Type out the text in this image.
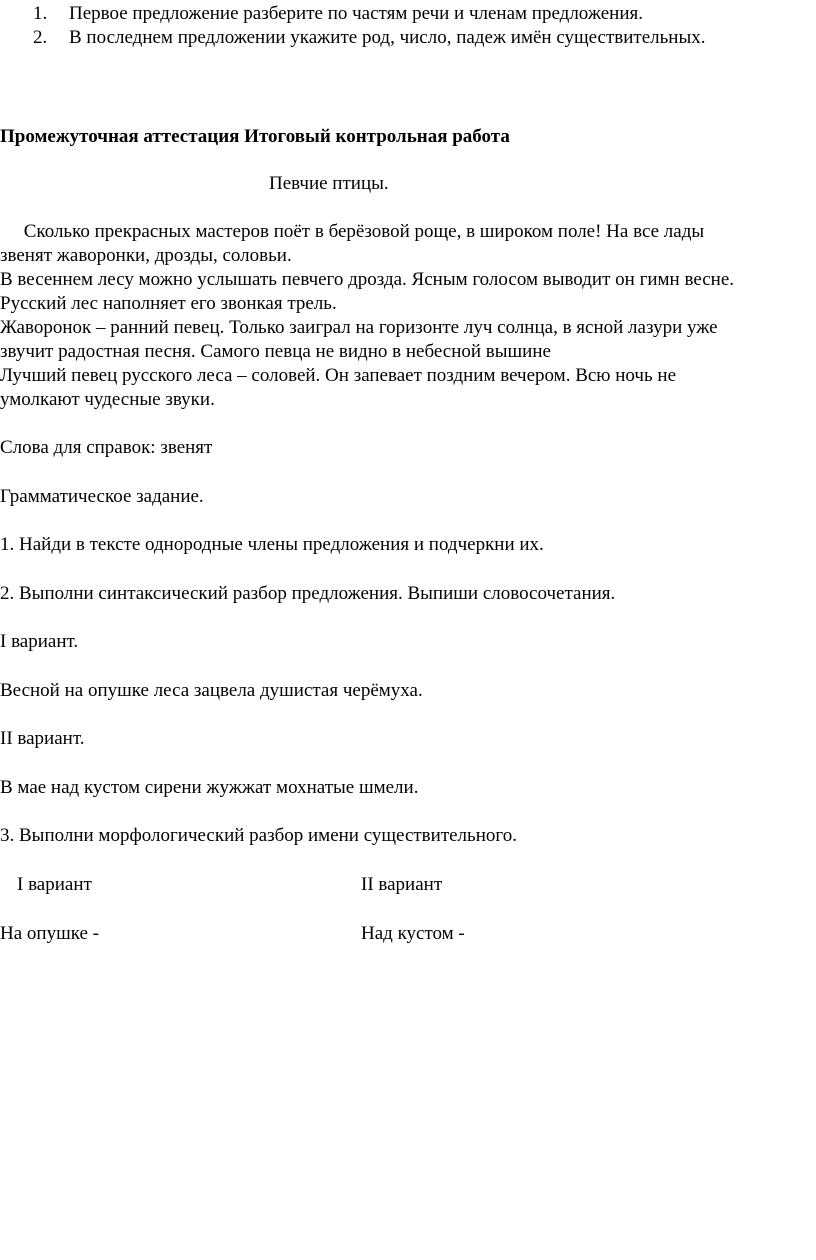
1. Первое предложение разберите по частям речи и членам предложения.
2. В последнем предложении укажите род, число, падеж имён существительных.
Промежуточная аттестация Итоговый контрольная работа
Певчие птицы.
Сколько прекрасных мастеров поёт в берёзовой роще, в широком поле! На все лады
звенят жаворонки, дрозды, соловьи.
В весеннем лесу можно услышать певчего дрозда. Ясным голосом выводит он гимн весне.
Русский лес наполняет его звонкая трель.
Жаворонок – ранний певец. Только заиграл на горизонте луч солнца, в ясной лазури уже
звучит радостная песня. Самого певца не видно в небесной вышине
Лучший певец русского леса – соловей. Он запевает поздним вечером. Всю ночь не
умолкают чудесные звуки.
Слова для справок: звенят
Грамматическое задание.
1. Найди в тексте однородные члены предложения и подчеркни их.
2. Выполни синтаксический разбор предложения. Выпиши словосочетания.
I вариант.
Весной на опушке леса зацвела душистая черёмуха.
II вариант.
В мае над кустом сирени жужжат мохнатые шмели.
3. Выполни морфологический разбор имени существительного.
I вариант	II вариант
На опушке -	Над кустом -
